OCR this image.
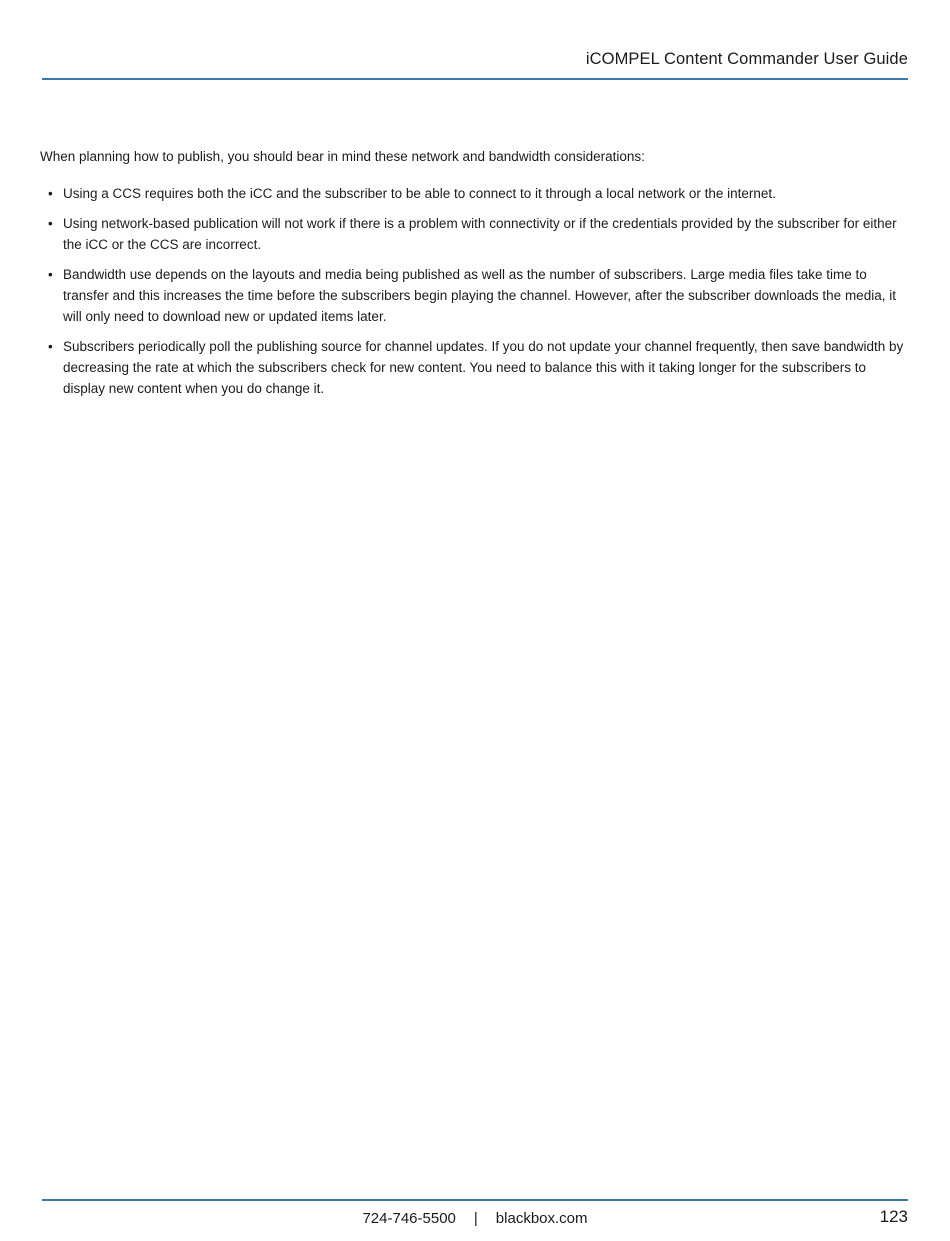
iCOMPEL Content Commander User Guide

When planning how to publish, you should bear in mind these network and bandwidth considerations:

• Using a CCS requires both the iCC and the subscriber to be able to connect to it through a local network or the internet.
• Using network-based publication will not work if there is a problem with connectivity or if the credentials provided by the subscriber for either the iCC or the CCS are incorrect.
• Bandwidth use depends on the layouts and media being published as well as the number of subscribers. Large media files take time to transfer and this increases the time before the subscribers begin playing the channel. However, after the subscriber downloads the media, it will only need to download new or updated items later.
• Subscribers periodically poll the publishing source for channel updates. If you do not update your channel frequently, then save bandwidth by decreasing the rate at which the subscribers check for new content. You need to balance this with it taking longer for the subscribers to display new content when you do change it.
724-746-5500 | blackbox.com	123
